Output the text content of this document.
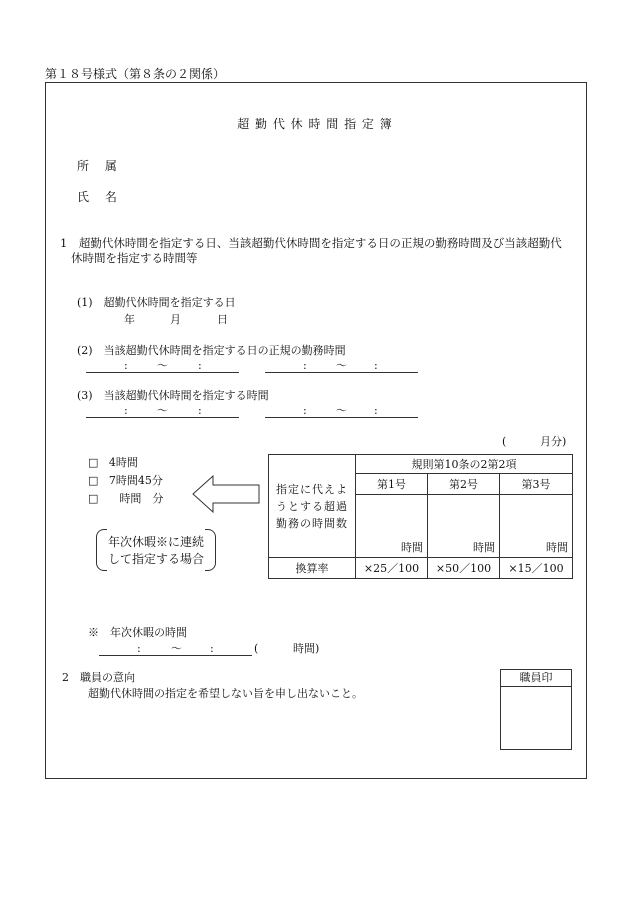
第１８号様式（第８条の２関係）
超 勤 代 休 時 間 指 定 簿
所　 属
氏　 名
1　超勤代休時間を指定する日、当該超勤代休時間を指定する日の正規の勤務時間及び当該超勤代
休時間を指定する時間等
(1)　超勤代休時間を指定する日
年	月	日
(2)　当該超勤代休時間を指定する日の正規の勤務時間
:	〜	:	:	〜 :
(3)　当該超勤代休時間を指定する時間
:	〜	:	:	〜 :
(	月分)
□ 4時間
□ 7時間45分
□ 時間　分
年次休暇※に連続
して指定する場合
指定に代えよ
うとする超過
勤務の時間数	規則第10条の2第2項		
	第1号	第2号	第3号

	時間	時間	時間

換算率	×25／100	×50／100	×15／100
※　年次休暇の時間
:	〜	:	(	時間)
2　職員の意向
超勤代休時間の指定を希望しない旨を申し出ないこと。
職員印
